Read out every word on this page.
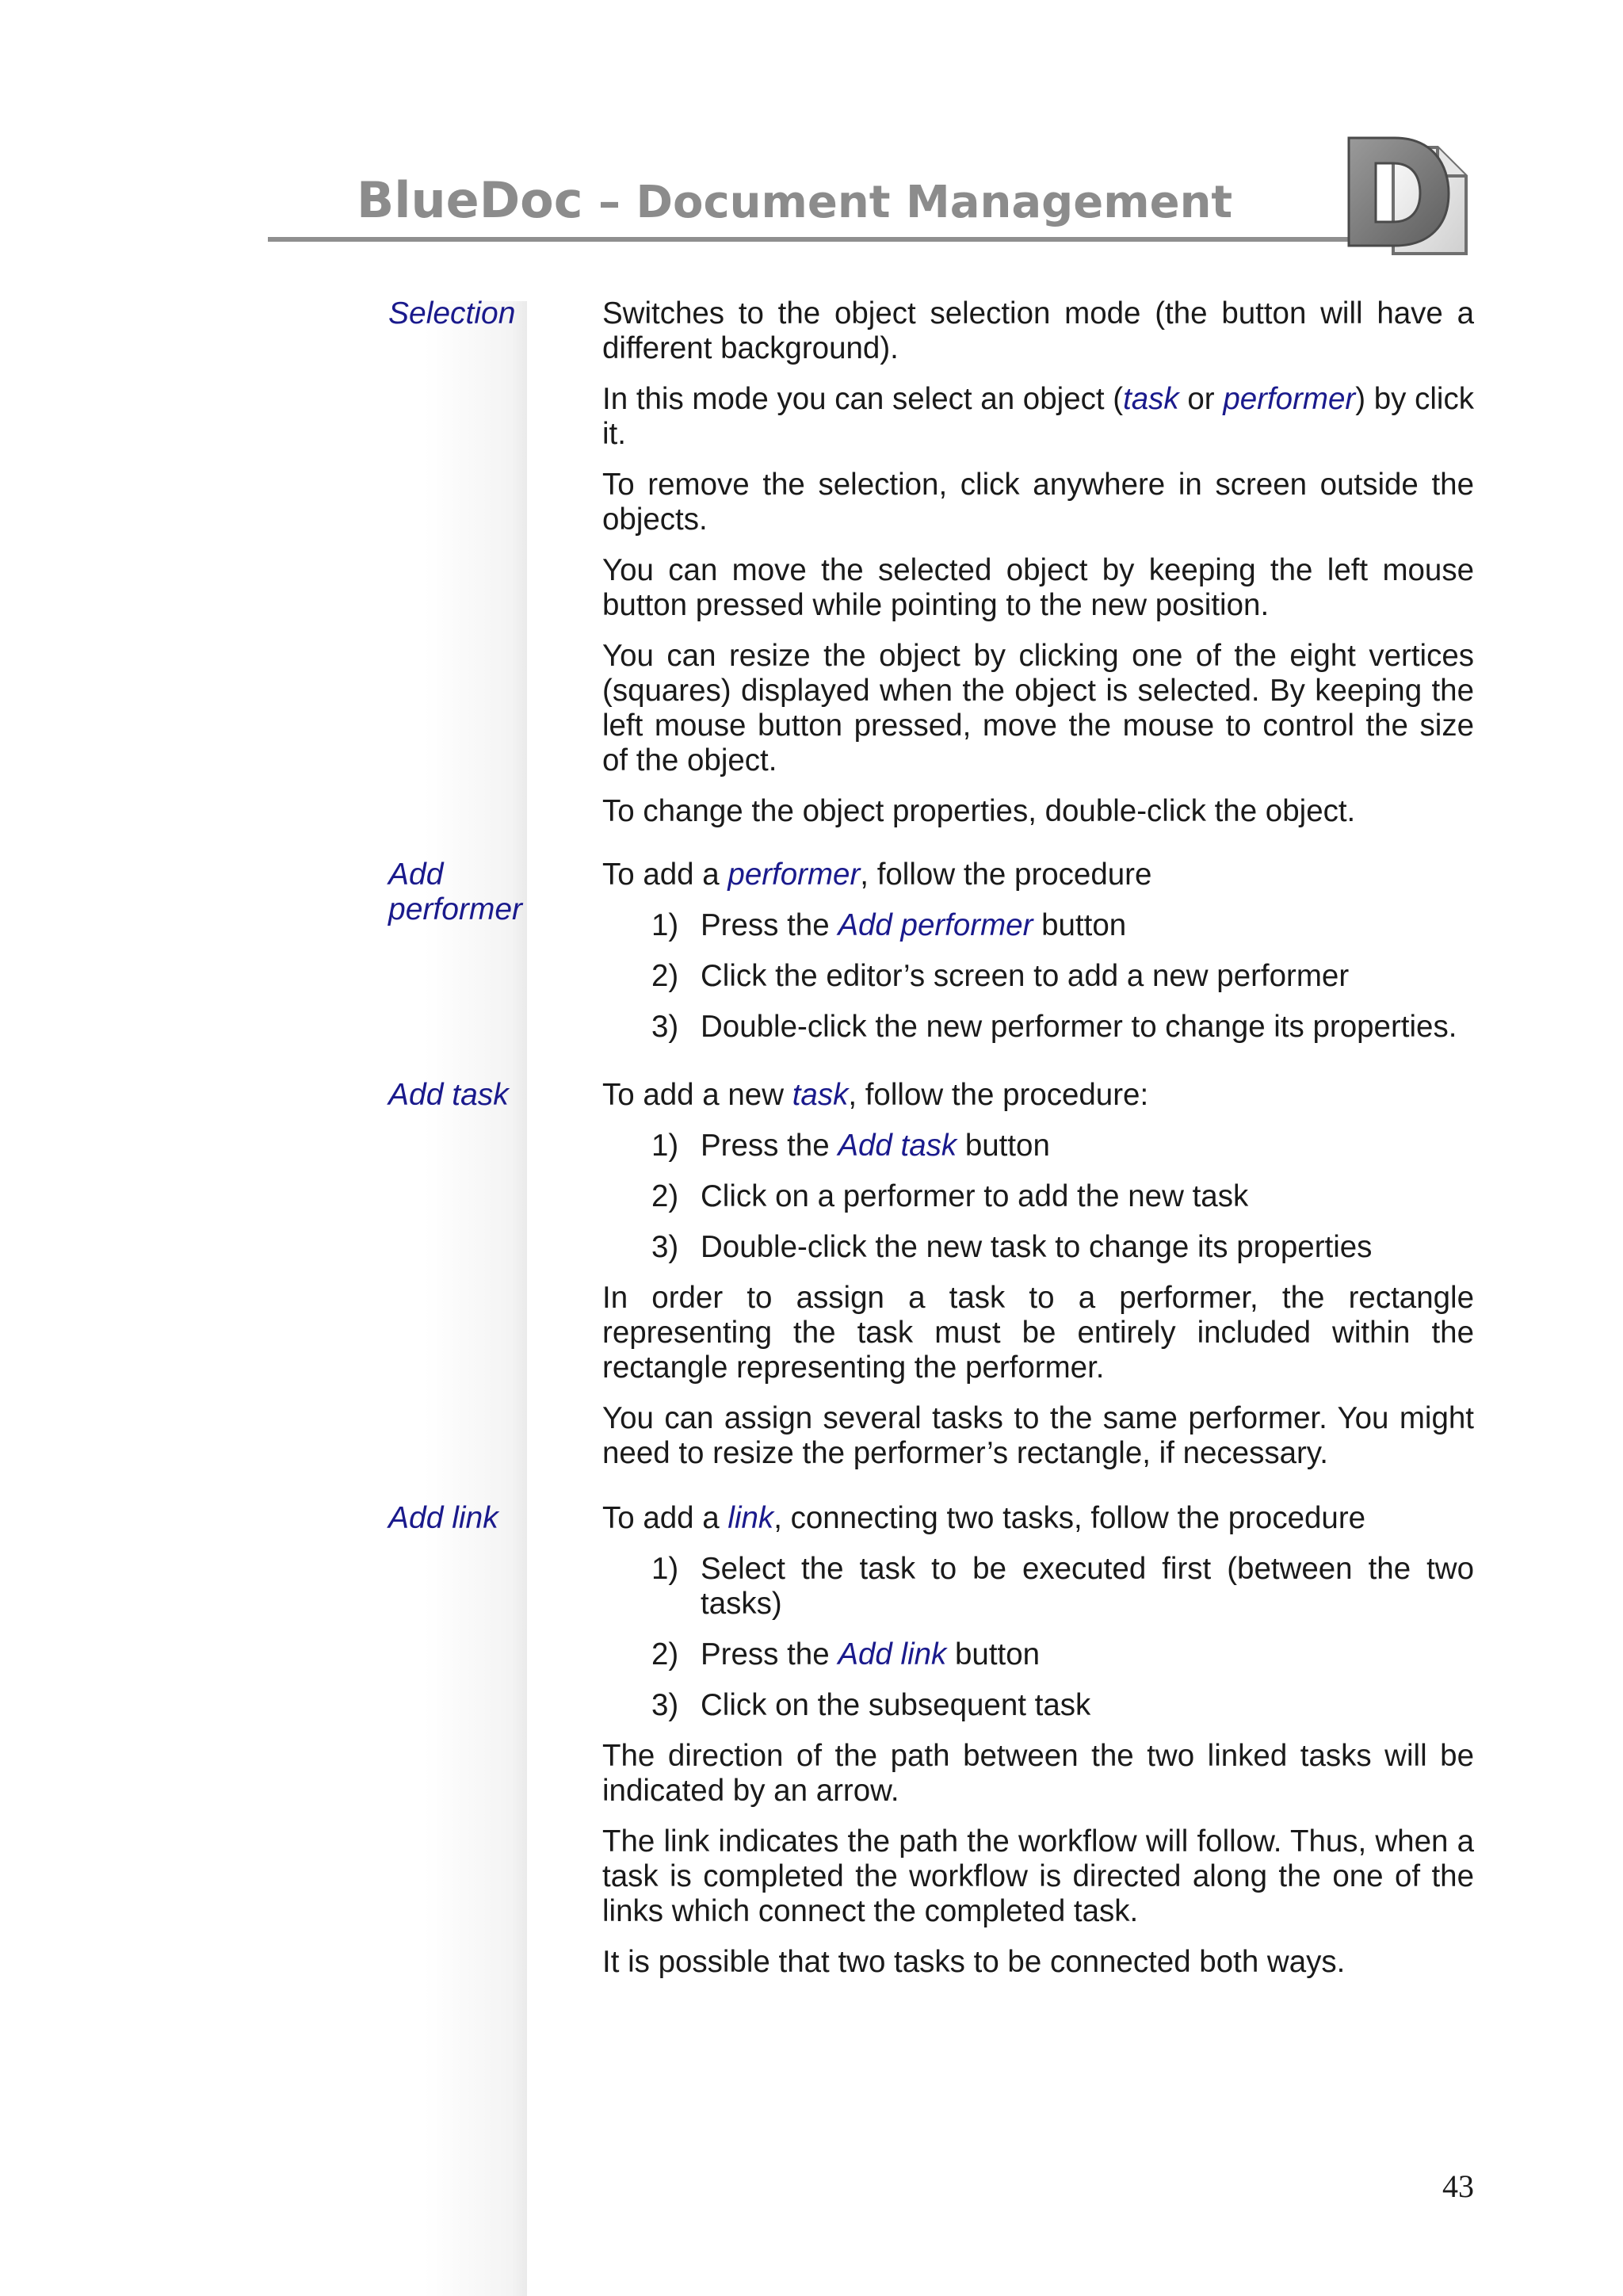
BlueDoc – Document Management
Selection	Switches to the object selection mode (the button will have a different background).

In this mode you can select an object (task or performer) by click it.

To remove the selection, click anywhere in screen outside the objects.

You can move the selected object by keeping the left mouse button pressed while pointing to the new position.

You can resize the object by clicking one of the eight vertices (squares) displayed when the object is selected. By keeping the left mouse button pressed, move the mouse to control the size of the object.

To change the object properties, double-click the object.

Add
performer

To add a performer, follow the procedure

1) Press the Add performer button
2) Click the editor’s screen to add a new performer
3) Double-click the new performer to change its properties.
Add task	To add a new task, follow the procedure:

1) Press the Add task button
2) Click on a performer to add the new task
3) Double-click the new task to change its properties

In order to assign a task to a performer, the rectangle representing the task must be entirely included within the rectangle representing the performer.

You can assign several tasks to the same performer. You might need to resize the performer’s rectangle, if necessary.

Add link	To add a link, connecting two tasks, follow the procedure

1) Select the task to be executed first (between the two tasks)
2) Press the Add link button
3) Click on the subsequent task

The direction of the path between the two linked tasks will be indicated by an arrow.

The link indicates the path the workflow will follow. Thus, when a task is completed the workflow is directed along the one of the links which connect the completed task.

It is possible that two tasks to be connected both ways.

43
